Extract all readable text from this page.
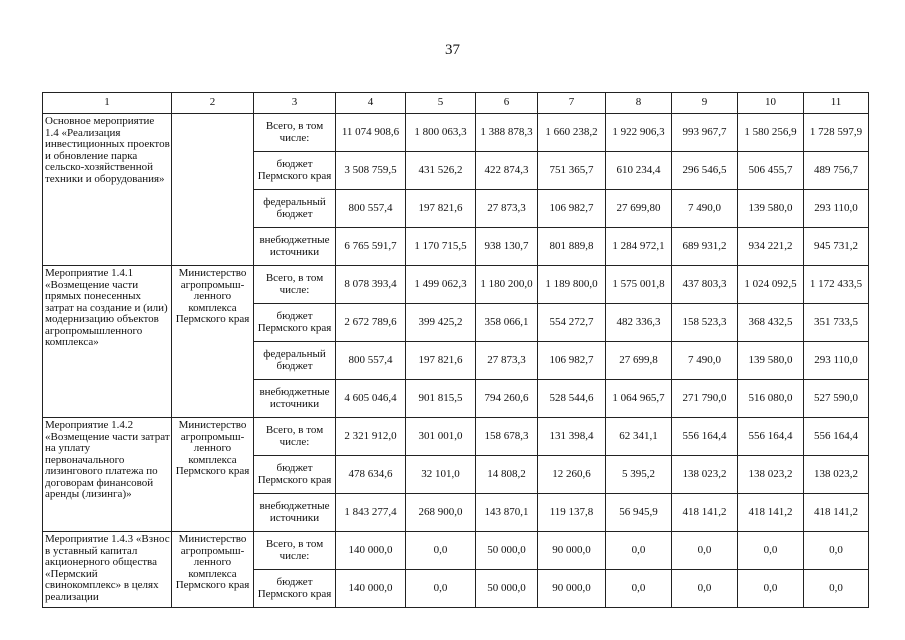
37
1	2	3	4	5	6	7	8	9	10	11
Основное мероприятие 1.4 «Реализация инвестиционных проектов и обновление парка сельско-хозяйственной техники и оборудования»		Всего, в том числе:	11 074 908,6	1 800 063,3	1 388 878,3	1 660 238,2	1 922 906,3	993 967,7	1 580 256,9	1 728 597,9
		бюджет Пермского края	3 508 759,5	431 526,2	422 874,3	751 365,7	610 234,4	296 546,5	506 455,7	489 756,7
		федеральный бюджет	800 557,4	197 821,6	27 873,3	106 982,7	27 699,80	7 490,0	139 580,0	293 110,0
		внебюджетные источники	6 765 591,7	1 170 715,5	938 130,7	801 889,8	1 284 972,1	689 931,2	934 221,2	945 731,2
Мероприятие 1.4.1 «Возмещение части прямых понесенных затрат на создание и (или) модернизацию объектов агропромышленного комплекса»	Министерство агропромыш-ленного комплекса Пермского края	Всего, в том числе:	8 078 393,4	1 499 062,3	1 180 200,0	1 189 800,0	1 575 001,8	437 803,3	1 024 092,5	1 172 433,5
		бюджет Пермского края	2 672 789,6	399 425,2	358 066,1	554 272,7	482 336,3	158 523,3	368 432,5	351 733,5
		федеральный бюджет	800 557,4	197 821,6	27 873,3	106 982,7	27 699,8	7 490,0	139 580,0	293 110,0
		внебюджетные источники	4 605 046,4	901 815,5	794 260,6	528 544,6	1 064 965,7	271 790,0	516 080,0	527 590,0
Мероприятие 1.4.2 «Возмещение части затрат на уплату первоначального лизингового платежа по договорам финансовой аренды (лизинга)»	Министерство агропромыш-ленного комплекса Пермского края	Всего, в том числе:	2 321 912,0	301 001,0	158 678,3	131 398,4	62 341,1	556 164,4	556 164,4	556 164,4
		бюджет Пермского края	478 634,6	32 101,0	14 808,2	12 260,6	5 395,2	138 023,2	138 023,2	138 023,2
		внебюджетные источники	1 843 277,4	268 900,0	143 870,1	119 137,8	56 945,9	418 141,2	418 141,2	418 141,2
Мероприятие 1.4.3 «Взнос в уставный капитал акционерного общества «Пермский свинокомплекс» в целях реализации	Министерство агропромыш-ленного комплекса Пермского края	Всего, в том числе:	140 000,0	0,0	50 000,0	90 000,0	0,0	0,0	0,0	0,0
		бюджет Пермского края	140 000,0	0,0	50 000,0	90 000,0	0,0	0,0	0,0	0,0
